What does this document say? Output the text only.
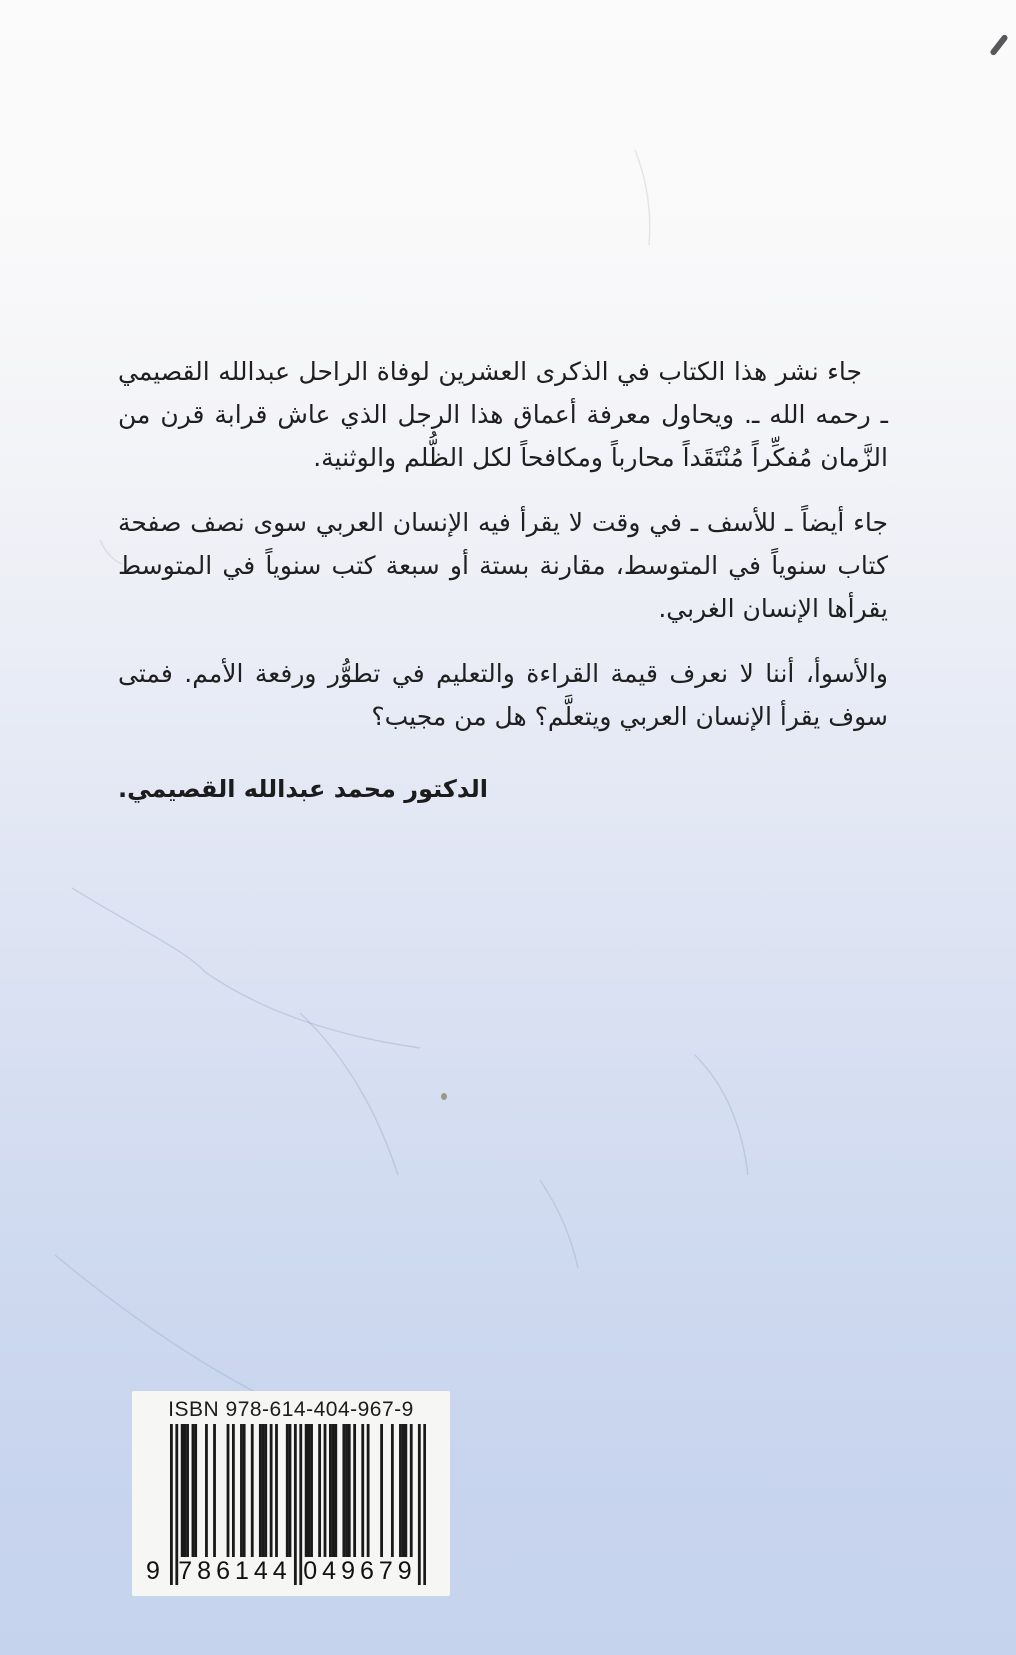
جاء نشر هذا الكتاب في الذكرى العشرين لوفاة الراحل عبدالله القصيمي ـ رحمه الله ـ. ويحاول معرفة أعماق هذا الرجل الذي عاش قرابة قرن من الزَّمان مُفكِّراً مُنْتَقَداً محارباً ومكافحاً لكل الظُّلم والوثنية.

جاء أيضاً ـ للأسف ـ في وقت لا يقرأ فيه الإنسان العربي سوى نصف صفحة كتاب سنوياً في المتوسط، مقارنة بستة أو سبعة كتب سنوياً في المتوسط يقرأها الإنسان الغربي.

والأسوأ، أننا لا نعرف قيمة القراءة والتعليم في تطوُّر ورفعة الأمم. فمتى سوف يقرأ الإنسان العربي ويتعلَّم؟ هل من مجيب؟

الدكتور محمد عبدالله القصيمي.

ISBN 978-614-404-967-9
9 786144 049679
